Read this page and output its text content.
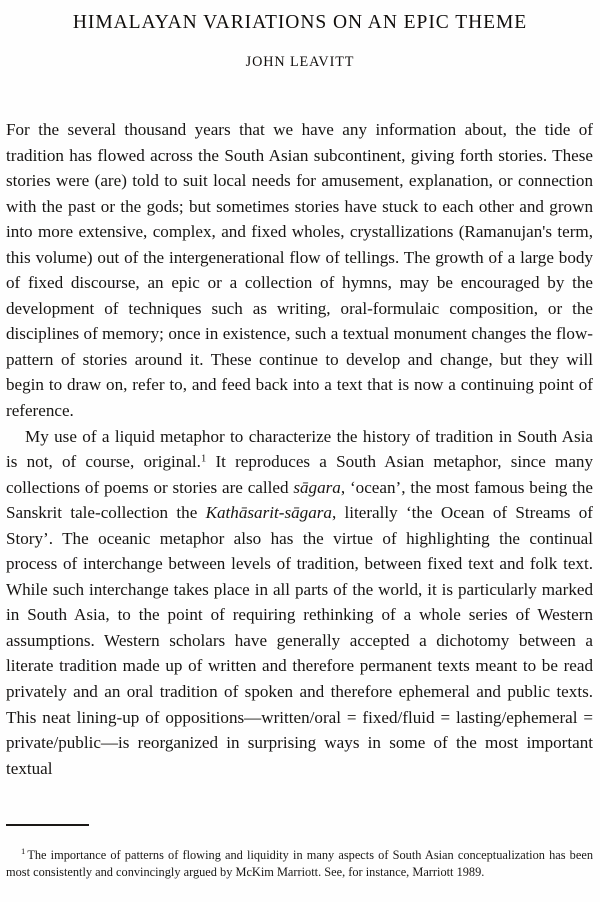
HIMALAYAN VARIATIONS ON AN EPIC THEME
JOHN LEAVITT

For the several thousand years that we have any information about, the tide of tradition has flowed across the South Asian subcontinent, giving forth stories. These stories were (are) told to suit local needs for amusement, explanation, or connection with the past or the gods; but sometimes stories have stuck to each other and grown into more extensive, complex, and fixed wholes, crystallizations (Ramanujan's term, this volume) out of the intergenerational flow of tellings. The growth of a large body of fixed discourse, an epic or a collection of hymns, may be encouraged by the development of techniques such as writing, oral-formulaic composition, or the disciplines of memory; once in existence, such a textual monument changes the flow-pattern of stories around it. These continue to develop and change, but they will begin to draw on, refer to, and feed back into a text that is now a continuing point of reference.

My use of a liquid metaphor to characterize the history of tradition in South Asia is not, of course, original.$^1$ It reproduces a South Asian metaphor, since many collections of poems or stories are called sāgara, ‘ocean’, the most famous being the Sanskrit tale-collection the Kathāsarit-sāgara, literally ‘the Ocean of Streams of Story’. The oceanic metaphor also has the virtue of highlighting the continual process of interchange between levels of tradition, between fixed text and folk text. While such interchange takes place in all parts of the world, it is particularly marked in South Asia, to the point of requiring rethinking of a whole series of Western assumptions. Western scholars have generally accepted a dichotomy between a literate tradition made up of written and therefore permanent texts meant to be read privately and an oral tradition of spoken and therefore ephemeral and public texts. This neat lining-up of oppositions—written/oral = fixed/fluid = lasting/ephemeral = private/public—is reorganized in surprising ways in some of the most important textual

$^1$ The importance of patterns of flowing and liquidity in many aspects of South Asian conceptualization has been most consistently and convincingly argued by McKim Marriott. See, for instance, Marriott 1989.
